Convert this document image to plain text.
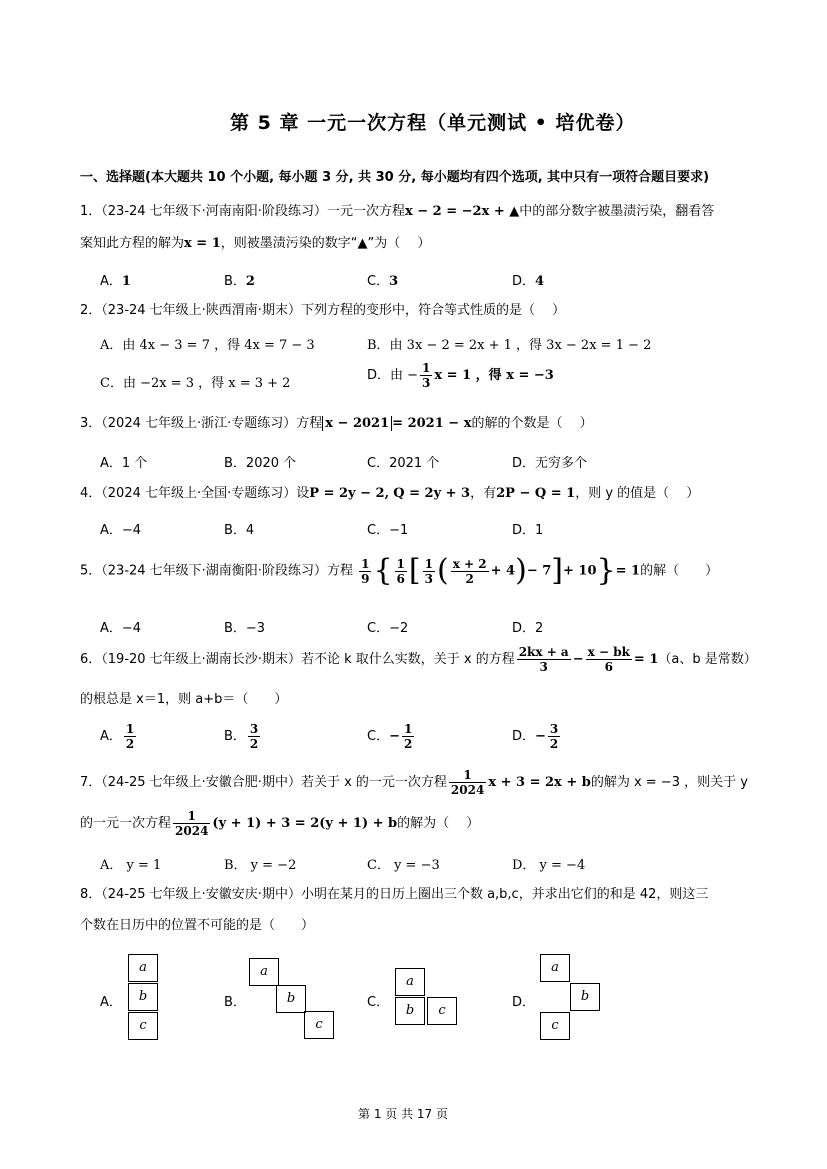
第 5 章 一元一次方程（单元测试 • 培优卷）
一、选择题(本大题共 10 个小题, 每小题 3 分, 共 30 分, 每小题均有四个选项, 其中只有一项符合题目要求)
1．（23-24 七年级下·河南南阳·阶段练习）一元一次方程x − 2 = −2x + ▲中的部分数字被墨渍污染，翻看答
案知此方程的解为x = 1，则被墨渍污染的数字“▲”为（　 ）
A．1	B．2	C．3	D．4
2．（23-24 七年级上·陕西渭南·期末）下列方程的变形中，符合等式性质的是（　 ）
A．由 4x − 3 = 7 ，得 4x = 7 − 3	B．由 3x − 2 = 2x + 1 ，得 3x − 2x = 1 − 2
C．由 −2x = 3 ，得 x = 3 + 2
D．由 − $\frac{1}{3}$ x = 1 ，得 x = −3
3．（2024 七年级上·浙江·专题练习）方程 x − 2021 = 2021 − x的解的个数是（　 ）
A．1 个	B．2020 个	C．2021 个	D．无穷多个
4．（2024 七年级上·全国·专题练习）设P = 2y − 2, Q = 2y + 3，有2P − Q = 1，则 y 的值是（　 ）
A．−4	B．4	C．−1	D．1
5．（23-24 七年级下·湖南衡阳·阶段练习）方程 $\frac{1}{9}$ { $\frac{1}{6}$ [ $\frac{1}{3}$ ( $\frac{x + 2}{2} + 4)- 7]+ 10\}= 1$的解（　　）
A．−4	B．−3	C．−2	D．2
6．（19-20 七年级上·湖南长沙·期末）若不论 k 取什么实数，关于 x 的方程 $\frac{2kx + a}{3} - \frac{x - bk}{6} = 1(a$、b 是常数）
的根总是 x＝1，则 a+b＝（　　）
A． $\frac{1}{2}$	B． $\frac{3}{2}$	C．− $\frac{1}{2}$	D．− $\frac{3}{2}$
7．（24-25 七年级上·安徽合肥·期中）若关于 x 的一元一次方程 $\frac{1}{2024}$ x + 3 = 2x + b的解为 x = −3 ，则关于 y
的一元一次方程 $\frac{1}{2024} (y + 1) + 3 = 2(y + 1) + b$的解为（　 ）
A． y = 1	B． y = −2	C． y = −3	D． y = −4
8．（24-25 七年级上·安徽安庆·期中）小明在某月的日历上圈出三个数 a,b,c，并求出它们的和是 42，则这三
个数在日历中的位置不可能的是（　　）
A．
a
b
c
B．
a
b
c
C．
a
b	c
D．
a
b
c
第 1 页 共 17 页
